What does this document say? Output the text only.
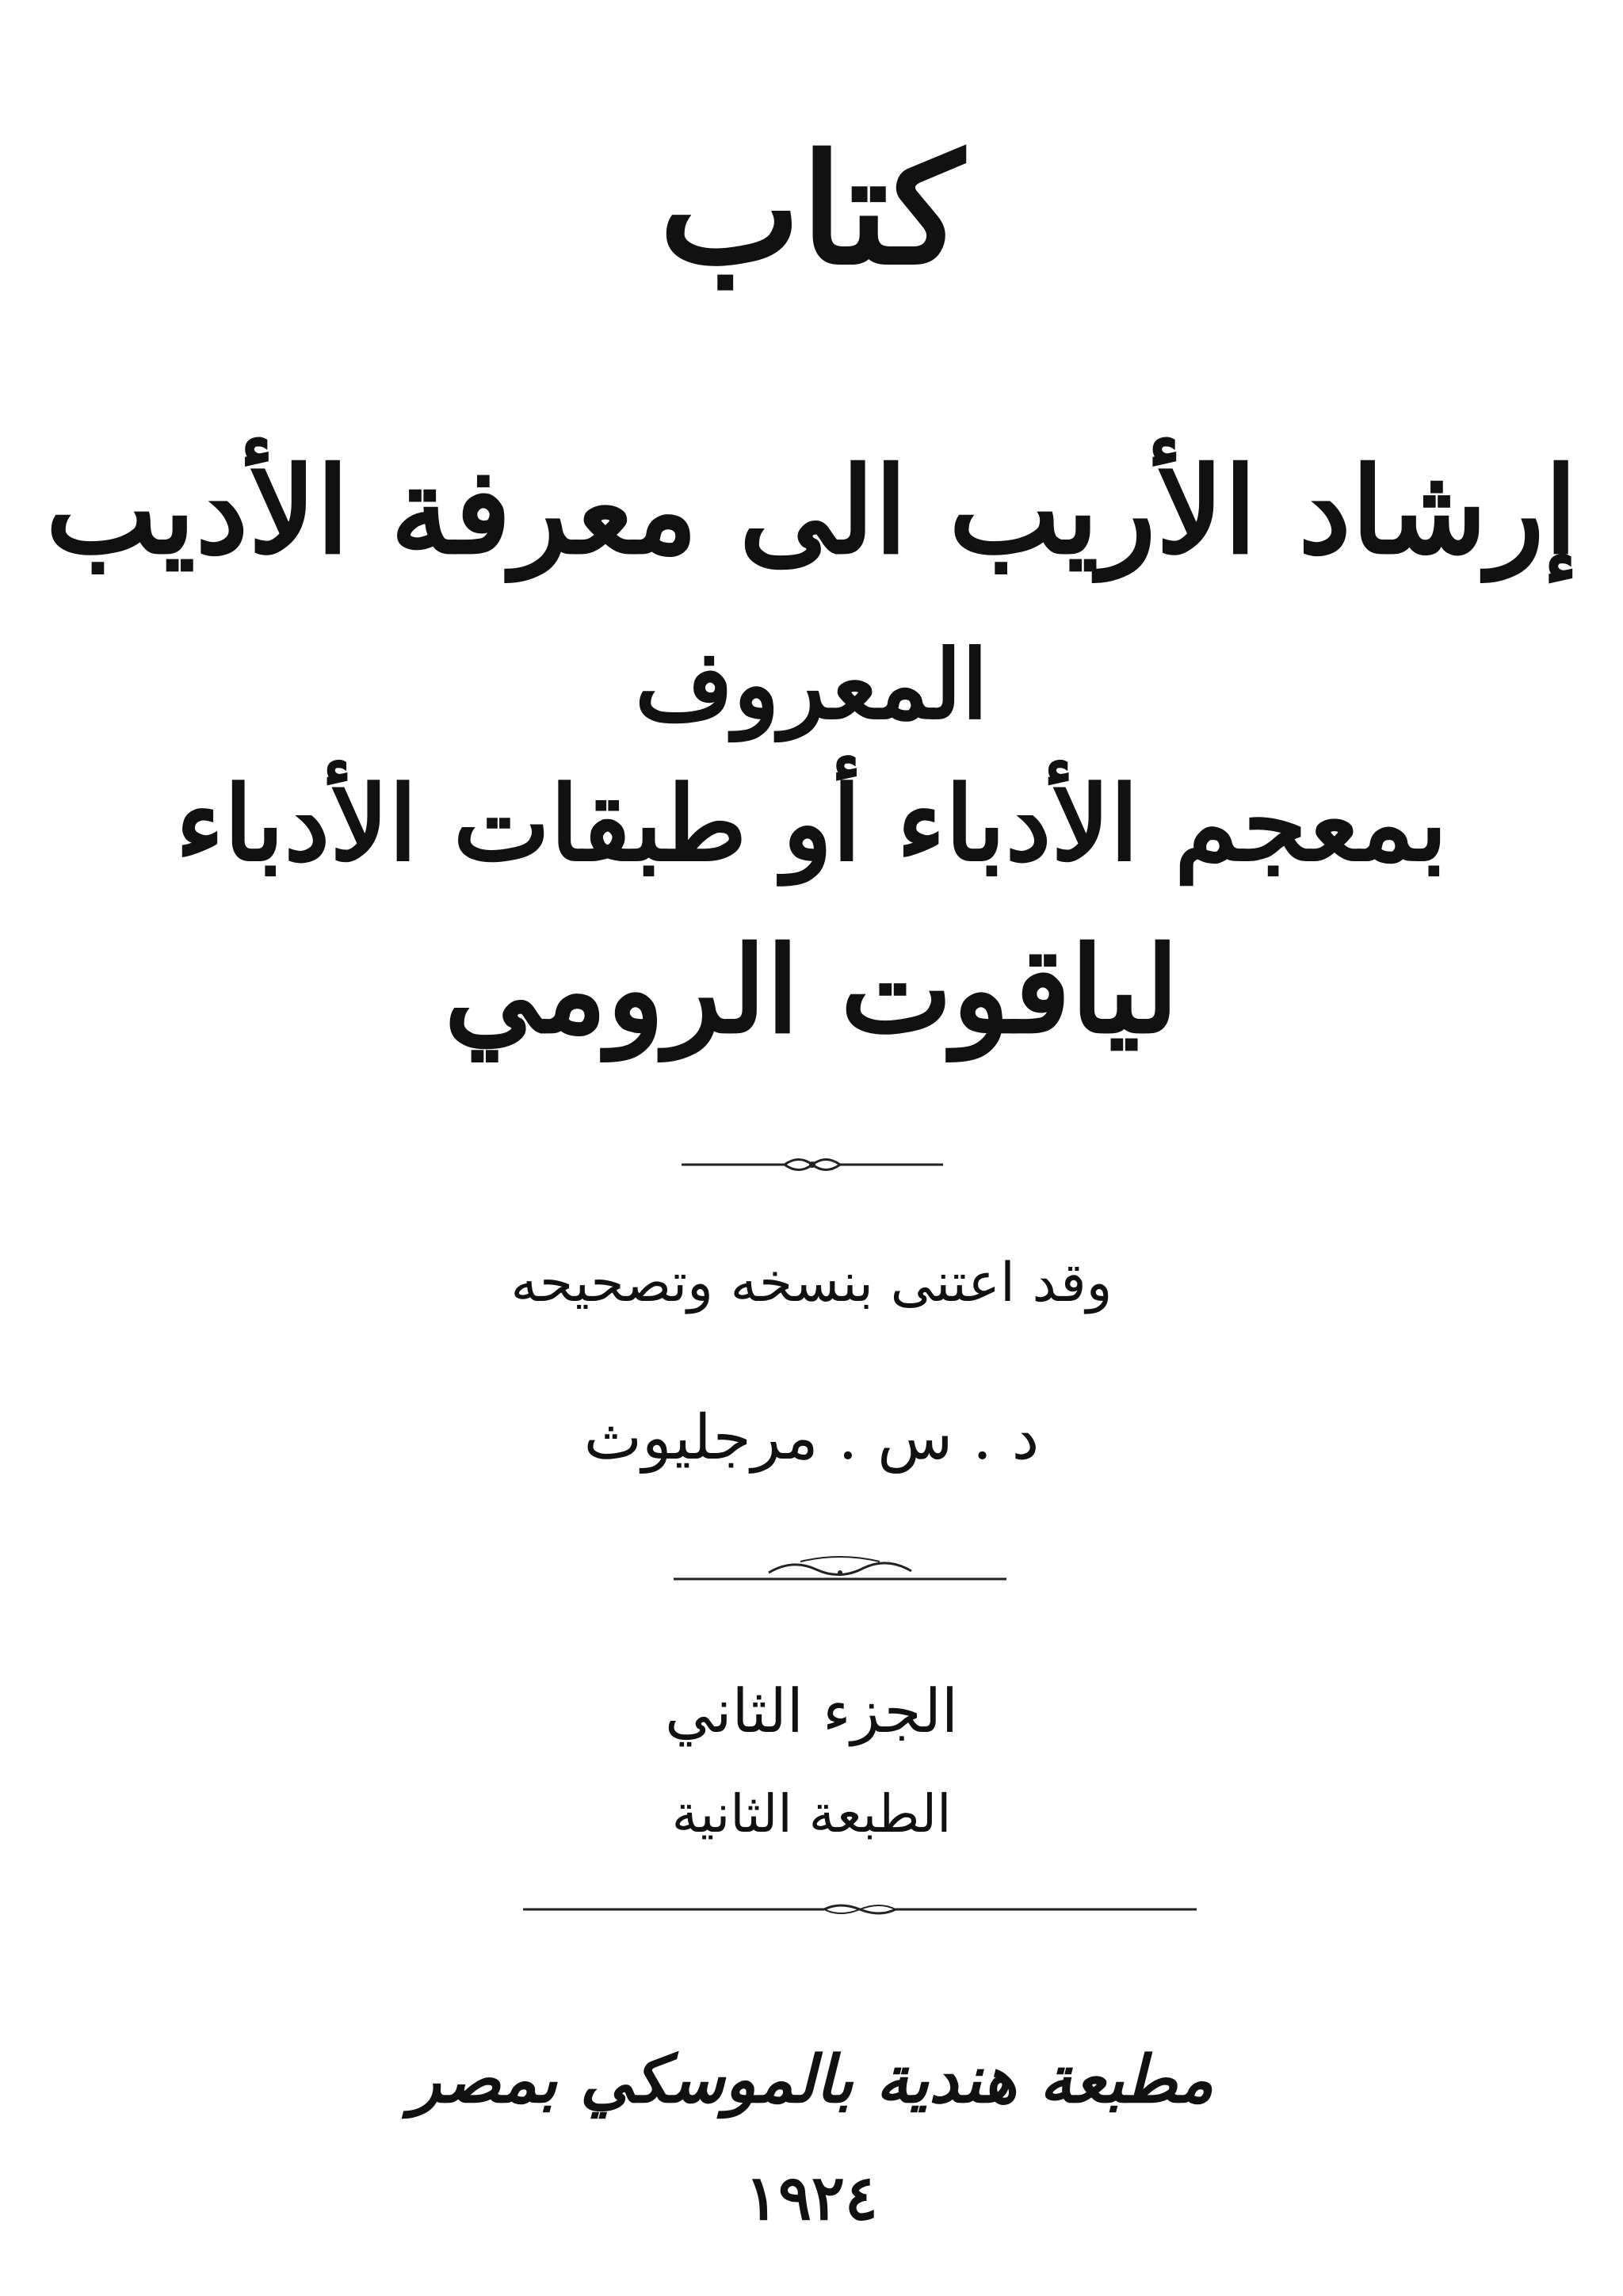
كتاب
إرشاد الأريب الى معرفة الأديب
المعروف
بمعجم الأدباء أو طبقات الأدباء
لياقوت الرومي
وقد اعتنى بنسخه وتصحيحه
د . س . مرجليوث
الجزء الثاني
الطبعة الثانية
مطبعة هندية بالموسكي بمصر
١٩٢٤
